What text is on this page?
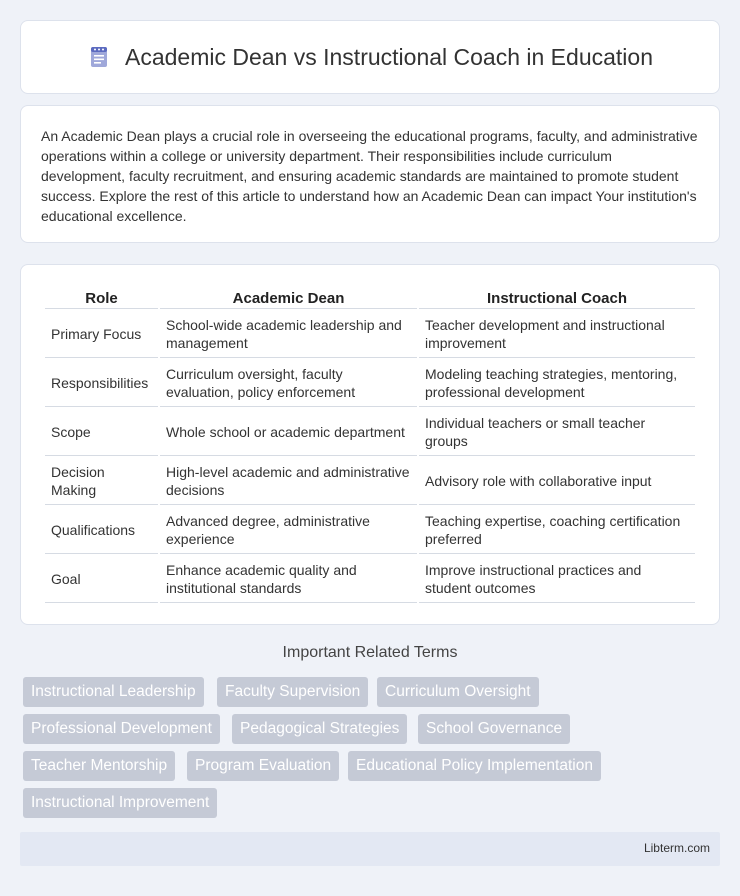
Academic Dean vs Instructional Coach in Education

An Academic Dean plays a crucial role in overseeing the educational programs, faculty, and administrative operations within a college or university department. Their responsibilities include curriculum development, faculty recruitment, and ensuring academic standards are maintained to promote student success. Explore the rest of this article to understand how an Academic Dean can impact Your institution's educational excellence.

Role	Academic Dean	Instructional Coach
Primary Focus	School-wide academic leadership and management	Teacher development and instructional improvement
Responsibilities	Curriculum oversight, faculty evaluation, policy enforcement	Modeling teaching strategies, mentoring, professional development
Scope	Whole school or academic department	Individual teachers or small teacher groups
Decision Making	High-level academic and administrative decisions	Advisory role with collaborative input
Qualifications	Advanced degree, administrative experience	Teaching expertise, coaching certification preferred
Goal	Enhance academic quality and institutional standards	Improve instructional practices and student outcomes
Important Related Terms
Instructional Leadership	Faculty Supervision	Curriculum Oversight
Professional Development	Pedagogical Strategies	School Governance
Teacher Mentorship	Program Evaluation	Educational Policy Implementation
Instructional Improvement
Libterm.com
